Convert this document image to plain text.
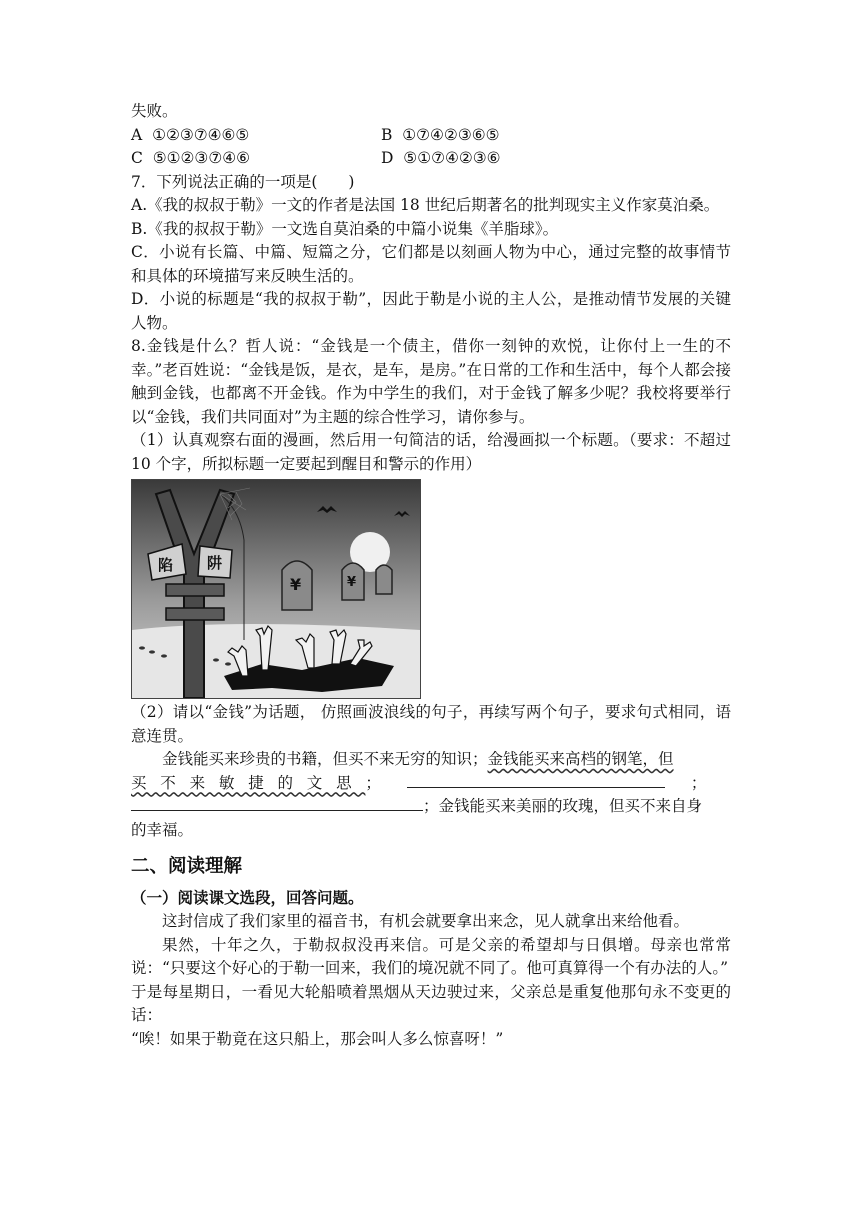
失败。
A ①②③⑦④⑥⑤	B ①⑦④②③⑥⑤
C ⑤①②③⑦④⑥	D ⑤①⑦④②③⑥
7．下列说法正确的一项是(　　)
A.《我的叔叔于勒》一文的作者是法国 18 世纪后期著名的批判现实主义作家莫泊桑。
B.《我的叔叔于勒》一文选自莫泊桑的中篇小说集《羊脂球》。
C．小说有长篇、中篇、短篇之分，它们都是以刻画人物为中心，通过完整的故事情节和具体的环境描写来反映生活的。
D．小说的标题是“我的叔叔于勒”，因此于勒是小说的主人公，是推动情节发展的关键人物。
8.金钱是什么？哲人说：“金钱是一个债主，借你一刻钟的欢悦，让你付上一生的不幸。”老百姓说：“金钱是饭，是衣，是车，是房。”在日常的工作和生活中，每个人都会接触到金钱，也都离不开金钱。作为中学生的我们，对于金钱了解多少呢？我校将要举行以“金钱，我们共同面对”为主题的综合性学习，请你参与。
（1）认真观察右面的漫画，然后用一句简洁的话，给漫画拟一个标题。（要求：不超过 10 个字，所拟标题一定要起到醒目和警示的作用）
¥	¥
陷 阱
（2）请以“金钱”为话题， 仿照画波浪线的句子，再续写两个句子，要求句式相同，语意连贯。
金钱能买来珍贵的书籍，但买不来无穷的知识；金钱能买来高档的钢笔，但
买不来敏捷的文思；	；
；金钱能买来美丽的玫瑰，但买不来自身
的幸福。
二、阅读理解
（一）阅读课文选段，回答问题。
这封信成了我们家里的福音书，有机会就要拿出来念，见人就拿出来给他看。
果然，十年之久，于勒叔叔没再来信。可是父亲的希望却与日俱增。母亲也常常说：“只要这个好心的于勒一回来，我们的境况就不同了。他可真算得一个有办法的人。”
于是每星期日，一看见大轮船喷着黑烟从天边驶过来，父亲总是重复他那句永不变更的话：
“唉！如果于勒竟在这只船上，那会叫人多么惊喜呀！”
